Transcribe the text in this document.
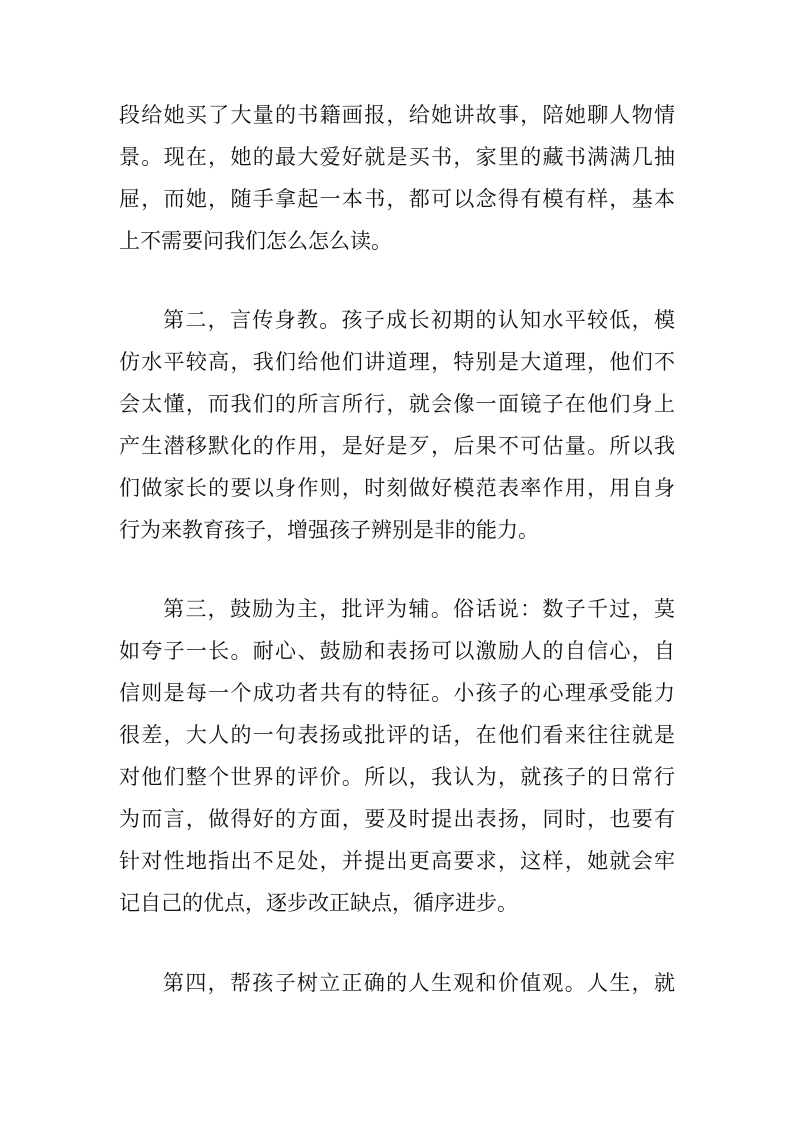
段给她买了大量的书籍画报，给她讲故事，陪她聊人物情
景。现在，她的最大爱好就是买书，家里的藏书满满几抽
屉，而她，随手拿起一本书，都可以念得有模有样，基本
上不需要问我们怎么怎么读。
第二，言传身教。孩子成长初期的认知水平较低，模
仿水平较高，我们给他们讲道理，特别是大道理，他们不
会太懂，而我们的所言所行，就会像一面镜子在他们身上
产生潜移默化的作用，是好是歹，后果不可估量。所以我
们做家长的要以身作则，时刻做好模范表率作用，用自身
行为来教育孩子，增强孩子辨别是非的能力。
第三，鼓励为主，批评为辅。俗话说：数子千过，莫
如夸子一长。耐心、鼓励和表扬可以激励人的自信心，自
信则是每一个成功者共有的特征。小孩子的心理承受能力
很差，大人的一句表扬或批评的话，在他们看来往往就是
对他们整个世界的评价。所以，我认为，就孩子的日常行
为而言，做得好的方面，要及时提出表扬，同时，也要有
针对性地指出不足处，并提出更高要求，这样，她就会牢
记自己的优点，逐步改正缺点，循序进步。
第四，帮孩子树立正确的人生观和价值观。人生，就
